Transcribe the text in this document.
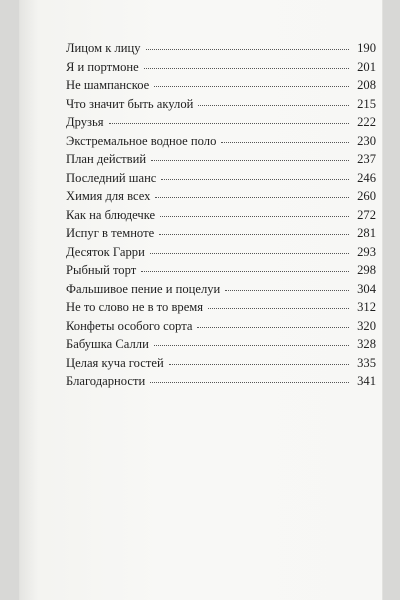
Лицом к лицу	190
Я и портмоне	201
Не шампанское	208
Что значит быть акулой	215
Друзья	222
Экстремальное водное поло	230
План действий	237
Последний шанс	246
Химия для всех	260
Как на блюдечке	272
Испуг в темноте	281
Десяток Гарри	293
Рыбный торт	298
Фальшивое пение и поцелуи	304
Не то слово не в то время	312
Конфеты особого сорта	320
Бабушка Салли	328
Целая куча гостей	335
Благодарности	341
